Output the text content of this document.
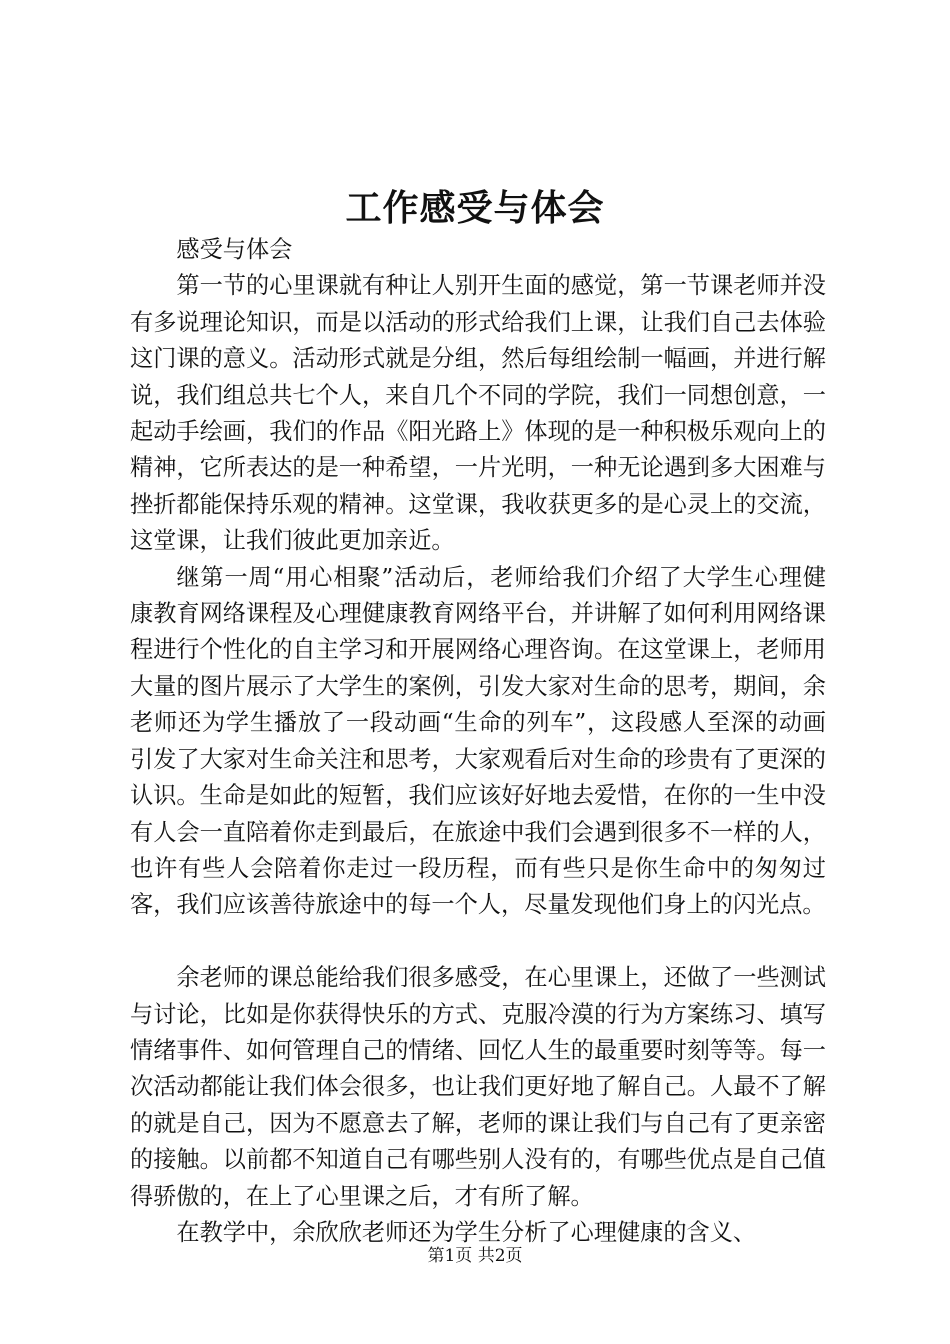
工作感受与体会

感受与体会

第一节的心里课就有种让人别开生面的感觉，第一节课老师并没有多说理论知识，而是以活动的形式给我们上课，让我们自己去体验这门课的意义。活动形式就是分组，然后每组绘制一幅画，并进行解说，我们组总共七个人，来自几个不同的学院，我们一同想创意，一起动手绘画，我们的作品《阳光路上》体现的是一种积极乐观向上的精神，它所表达的是一种希望，一片光明，一种无论遇到多大困难与挫折都能保持乐观的精神。这堂课，我收获更多的是心灵上的交流，这堂课，让我们彼此更加亲近。

继第一周“用心相聚”活动后，老师给我们介绍了大学生心理健康教育网络课程及心理健康教育网络平台，并讲解了如何利用网络课程进行个性化的自主学习和开展网络心理咨询。在这堂课上，老师用大量的图片展示了大学生的案例，引发大家对生命的思考，期间，余老师还为学生播放了一段动画“生命的列车”，这段感人至深的动画引发了大家对生命关注和思考，大家观看后对生命的珍贵有了更深的认识。生命是如此的短暂，我们应该好好地去爱惜，在你的一生中没有人会一直陪着你走到最后，在旅途中我们会遇到很多不一样的人，也许有些人会陪着你走过一段历程，而有些只是你生命中的匆匆过客，我们应该善待旅途中的每一个人，尽量发现他们身上的闪光点。

余老师的课总能给我们很多感受，在心里课上，还做了一些测试与讨论，比如是你获得快乐的方式、克服冷漠的行为方案练习、填写情绪事件、如何管理自己的情绪、回忆人生的最重要时刻等等。每一次活动都能让我们体会很多，也让我们更好地了解自己。人最不了解的就是自己，因为不愿意去了解，老师的课让我们与自己有了更亲密的接触。以前都不知道自己有哪些别人没有的，有哪些优点是自己值得骄傲的，在上了心里课之后，才有所了解。

在教学中，余欣欣老师还为学生分析了心理健康的含义、

第1页 共2页
